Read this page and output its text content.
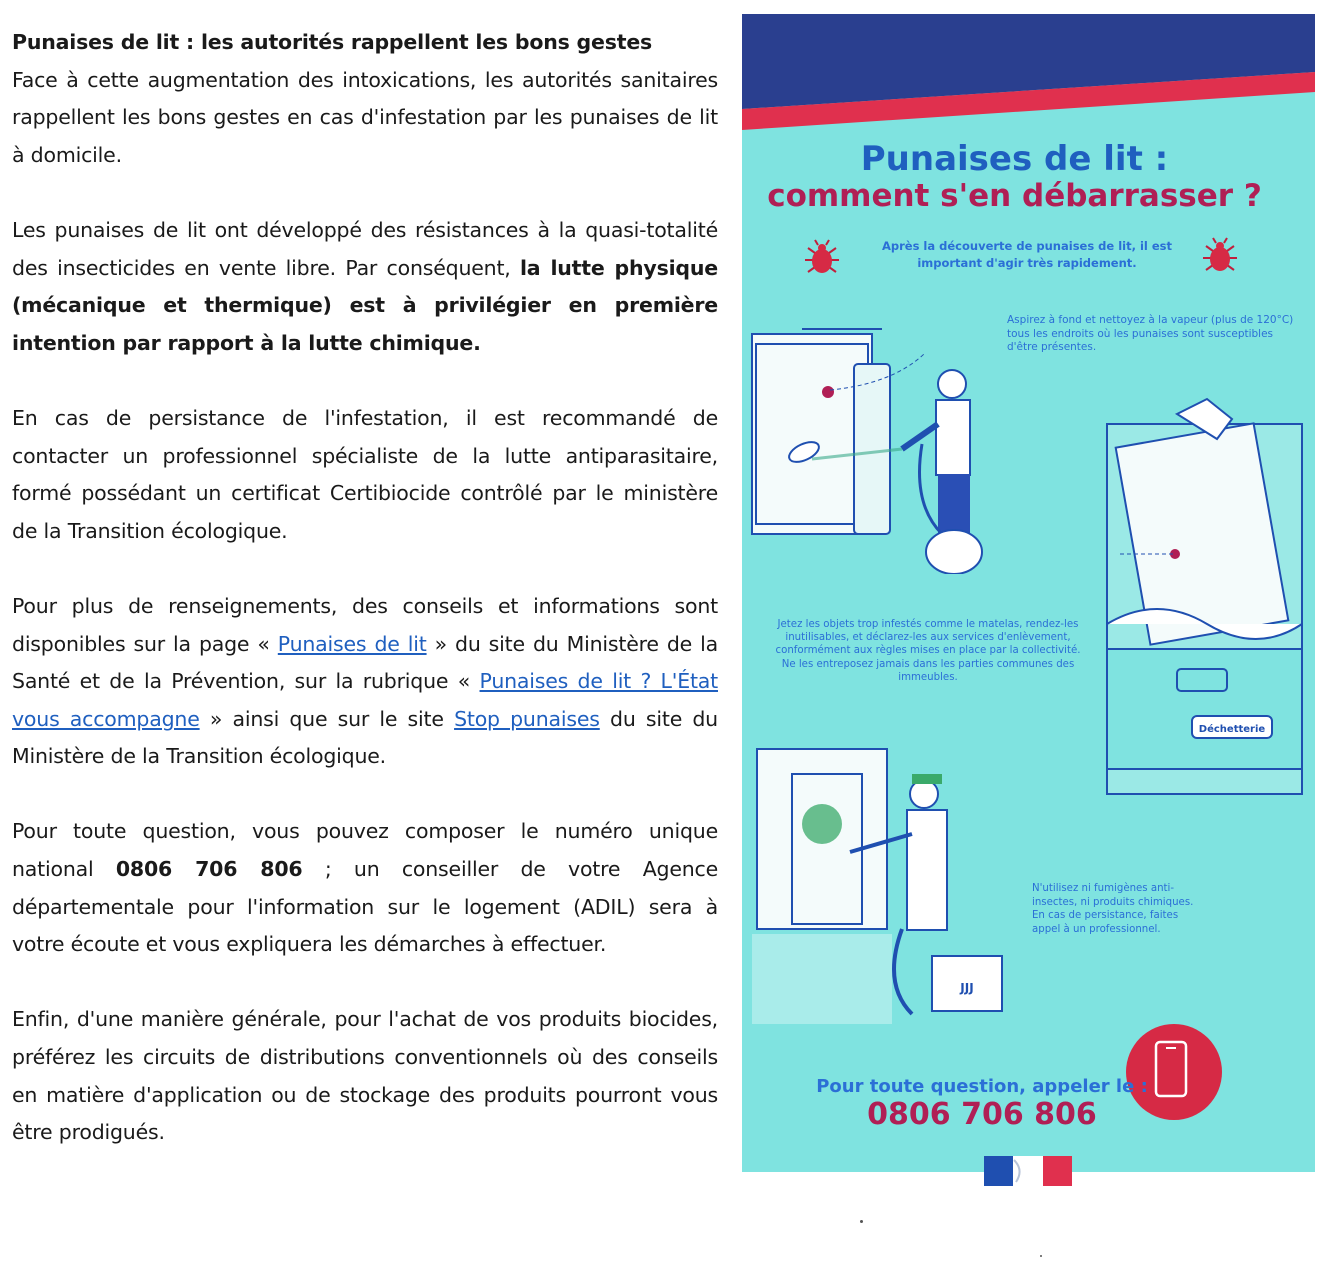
Punaises de lit : les autorités rappellent les bons gestes

Face à cette augmentation des intoxications, les autorités sanitaires rappellent les bons gestes en cas d'infestation par les punaises de lit à domicile.

Les punaises de lit ont développé des résistances à la quasi-totalité des insecticides en vente libre. Par conséquent, la lutte physique (mécanique et thermique) est à privilégier en première intention par rapport à la lutte chimique.

En cas de persistance de l'infestation, il est recommandé de contacter un professionnel spécialiste de la lutte antiparasitaire, formé possédant un certificat Certibiocide contrôlé par le ministère de la Transition écologique.

Pour plus de renseignements, des conseils et informations sont disponibles sur la page « Punaises de lit » du site du Ministère de la Santé et de la Prévention, sur la rubrique « Punaises de lit ? L'État vous accompagne » ainsi que sur le site Stop punaises du site du Ministère de la Transition écologique.

Pour toute question, vous pouvez composer le numéro unique national 0806 706 806 ; un conseiller de votre Agence départementale pour l'information sur le logement (ADIL) sera à votre écoute et vous expliquera les démarches à effectuer.

Enfin, d'une manière générale, pour l'achat de vos produits biocides, préférez les circuits de distributions conventionnels où des conseils en matière d'application ou de stockage des produits pourront vous être prodigués.

Punaises de lit :
comment s'en débarrasser ?
Après la découverte de punaises de lit, il est important d'agir très rapidement.
Aspirez à fond et nettoyez à la vapeur (plus de 120°C) tous les endroits où les punaises sont susceptibles d'être présentes.
Déchetterie
Jetez les objets trop infestés comme le matelas, rendez-les inutilisables, et déclarez-les aux services d'enlèvement, conformément aux règles mises en place par la collectivité. Ne les entreposez jamais dans les parties communes des immeubles.
JJJ
N'utilisez ni fumigènes anti-insectes, ni produits chimiques. En cas de persistance, faites appel à un professionnel.
Pour toute question, appeler le :
0806 706 806
